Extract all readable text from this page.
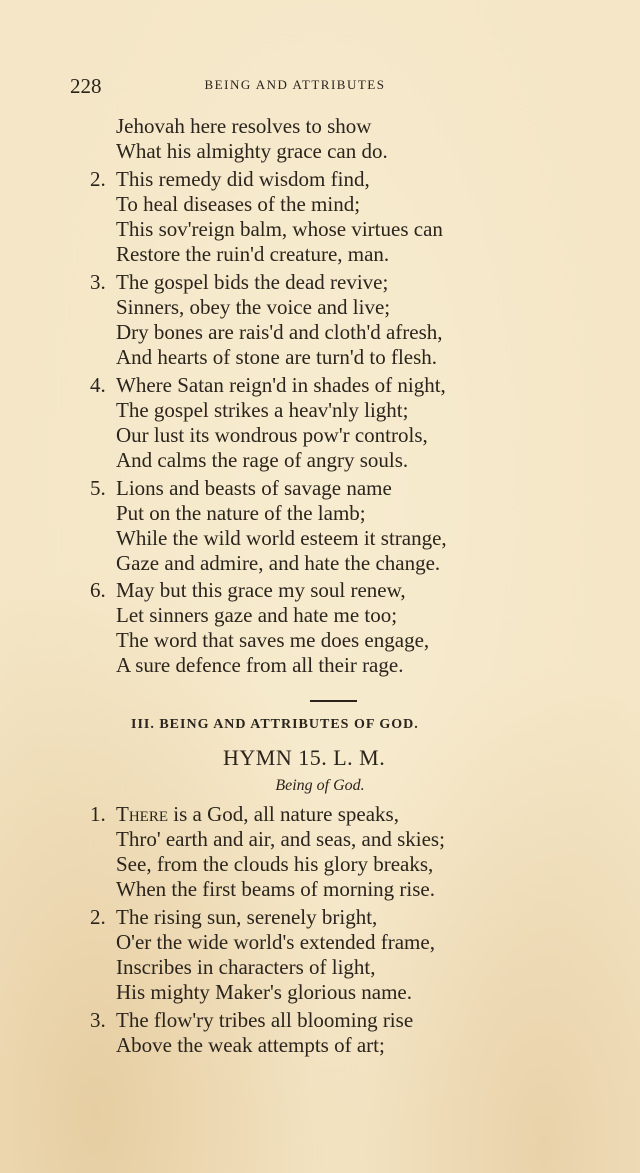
228	BEING AND ATTRIBUTES
Jehovah here resolves to show
What his almighty grace can do.
2. This remedy did wisdom find,
To heal diseases of the mind;
This sov'reign balm, whose virtues can
Restore the ruin'd creature, man.
3. The gospel bids the dead revive;
Sinners, obey the voice and live;
Dry bones are rais'd and cloth'd afresh,
And hearts of stone are turn'd to flesh.
4. Where Satan reign'd in shades of night,
The gospel strikes a heav'nly light;
Our lust its wondrous pow'r controls,
And calms the rage of angry souls.
5. Lions and beasts of savage name
Put on the nature of the lamb;
While the wild world esteem it strange,
Gaze and admire, and hate the change.
6. May but this grace my soul renew,
Let sinners gaze and hate me too;
The word that saves me does engage,
A sure defence from all their rage.
III. BEING AND ATTRIBUTES OF GOD.
HYMN 15. L. M.
Being of God.
1. There is a God, all nature speaks,
Thro' earth and air, and seas, and skies;
See, from the clouds his glory breaks,
When the first beams of morning rise.
2. The rising sun, serenely bright,
O'er the wide world's extended frame,
Inscribes in characters of light,
His mighty Maker's glorious name.
3. The flow'ry tribes all blooming rise
Above the weak attempts of art;
